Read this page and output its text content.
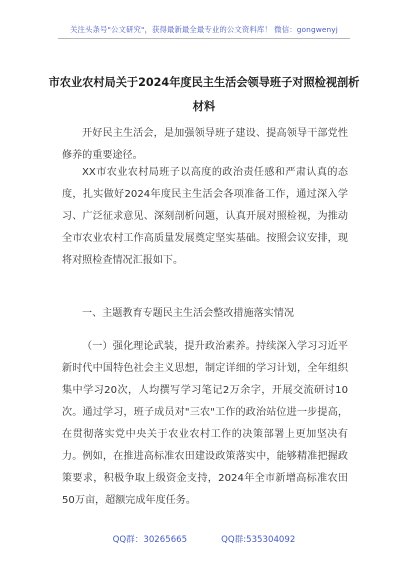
关注头条号"公文研究"，获得最新最全最专业的公文资料库！ 微信：gongwenyj
市农业农村局关于2024年度民主生活会领导班子对照检视剖析材料

开好民主生活会，是加强领导班子建设、提高领导干部党性修养的重要途径。

XX市农业农村局班子以高度的政治责任感和严肃认真的态度，扎实做好2024年度民主生活会各项准备工作，通过深入学习、广泛征求意见、深刻剖析问题，认真开展对照检视，为推动全市农业农村工作高质量发展奠定坚实基础。按照会议安排，现将对照检查情况汇报如下。

一、主题教育专题民主生活会整改措施落实情况

（一）强化理论武装，提升政治素养。持续深入学习习近平新时代中国特色社会主义思想，制定详细的学习计划，全年组织集中学习20次，人均撰写学习笔记2万余字，开展交流研讨10次。通过学习，班子成员对"三农"工作的政治站位进一步提高，在贯彻落实党中央关于农业农村工作的决策部署上更加坚决有力。例如，在推进高标准农田建设政策落实中，能够精准把握政策要求，积极争取上级资金支持，2024年全市新增高标准农田50万亩，超额完成年度任务。

QQ群：30265665	QQ群:535304092
